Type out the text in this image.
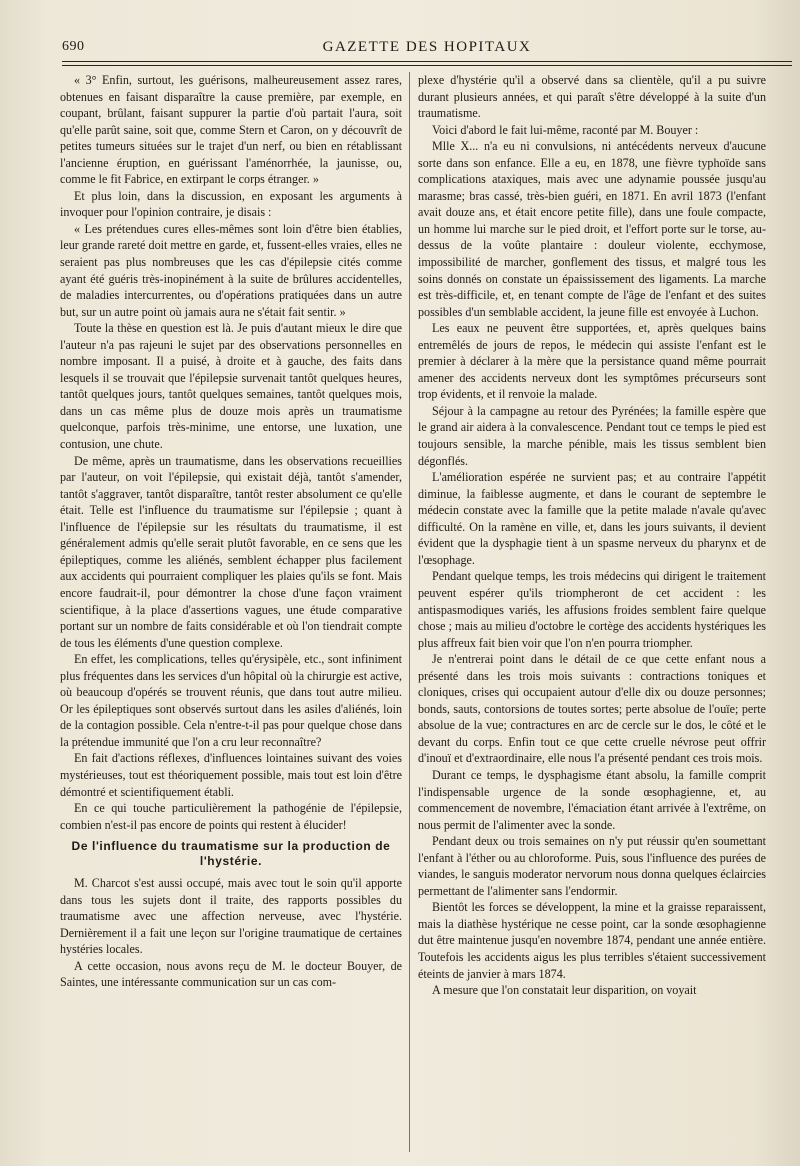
690	GAZETTE DES HOPITAUX

« 3° Enfin, surtout, les guérisons, malheureusement assez rares, obtenues en faisant disparaître la cause première, par exemple, en coupant, brûlant, faisant suppurer la partie d'où partait l'aura, soit qu'elle parût saine, soit que, comme Stern et Caron, on y découvrît de petites tumeurs situées sur le trajet d'un nerf, ou bien en rétablissant l'ancienne éruption, en guérissant l'aménorrhée, la jaunisse, ou, comme le fit Fabrice, en extirpant le corps étranger. »

Et plus loin, dans la discussion, en exposant les arguments à invoquer pour l'opinion contraire, je disais :

« Les prétendues cures elles-mêmes sont loin d'être bien établies, leur grande rareté doit mettre en garde, et, fussent-elles vraies, elles ne seraient pas plus nombreuses que les cas d'épilepsie cités comme ayant été guéris très-inopinément à la suite de brûlures accidentelles, de maladies intercurrentes, ou d'opérations pratiquées dans un autre but, sur un autre point où jamais aura ne s'était fait sentir. »

Toute la thèse en question est là. Je puis d'autant mieux le dire que l'auteur n'a pas rajeuni le sujet par des observations personnelles en nombre imposant. Il a puisé, à droite et à gauche, des faits dans lesquels il se trouvait que l'épilepsie survenait tantôt quelques heures, tantôt quelques jours, tantôt quelques semaines, tantôt quelques mois, dans un cas même plus de douze mois après un traumatisme quelconque, parfois très-minime, une entorse, une luxation, une contusion, une chute.

De même, après un traumatisme, dans les observations recueillies par l'auteur, on voit l'épilepsie, qui existait déjà, tantôt s'amender, tantôt s'aggraver, tantôt disparaître, tantôt rester absolument ce qu'elle était. Telle est l'influence du traumatisme sur l'épilepsie ; quant à l'influence de l'épilepsie sur les résultats du traumatisme, il est généralement admis qu'elle serait plutôt favorable, en ce sens que les épileptiques, comme les aliénés, semblent échapper plus facilement aux accidents qui pourraient compliquer les plaies qu'ils se font. Mais encore faudrait-il, pour démontrer la chose d'une façon vraiment scientifique, à la place d'assertions vagues, une étude comparative portant sur un nombre de faits considérable et où l'on tiendrait compte de tous les éléments d'une question complexe.

En effet, les complications, telles qu'érysipèle, etc., sont infiniment plus fréquentes dans les services d'un hôpital où la chirurgie est active, où beaucoup d'opérés se trouvent réunis, que dans tout autre milieu. Or les épileptiques sont observés surtout dans les asiles d'aliénés, loin de la contagion possible. Cela n'entre-t-il pas pour quelque chose dans la prétendue immunité que l'on a cru leur reconnaître?

En fait d'actions réflexes, d'influences lointaines suivant des voies mystérieuses, tout est théoriquement possible, mais tout est loin d'être démontré et scientifiquement établi.

En ce qui touche particulièrement la pathogénie de l'épilepsie, combien n'est-il pas encore de points qui restent à élucider!

De l'influence du traumatisme sur la production de l'hystérie.

M. Charcot s'est aussi occupé, mais avec tout le soin qu'il apporte dans tous les sujets dont il traite, des rapports possibles du traumatisme avec une affection nerveuse, avec l'hystérie. Dernièrement il a fait une leçon sur l'origine traumatique de certaines hystéries locales.

A cette occasion, nous avons reçu de M. le docteur Bouyer, de Saintes, une intéressante communication sur un cas com-

plexe d'hystérie qu'il a observé dans sa clientèle, qu'il a pu suivre durant plusieurs années, et qui paraît s'être développé à la suite d'un traumatisme.

Voici d'abord le fait lui-même, raconté par M. Bouyer :

Mlle X... n'a eu ni convulsions, ni antécédents nerveux d'aucune sorte dans son enfance. Elle a eu, en 1878, une fièvre typhoïde sans complications ataxiques, mais avec une adynamie poussée jusqu'au marasme; bras cassé, très-bien guéri, en 1871. En avril 1873 (l'enfant avait douze ans, et était encore petite fille), dans une foule compacte, un homme lui marche sur le pied droit, et l'effort porte sur le torse, au-dessus de la voûte plantaire : douleur violente, ecchymose, impossibilité de marcher, gonflement des tissus, et malgré tous les soins donnés on constate un épaississement des ligaments. La marche est très-difficile, et, en tenant compte de l'âge de l'enfant et des suites possibles d'un semblable accident, la jeune fille est envoyée à Luchon.

Les eaux ne peuvent être supportées, et, après quelques bains entremêlés de jours de repos, le médecin qui assiste l'enfant est le premier à déclarer à la mère que la persistance quand même pourrait amener des accidents nerveux dont les symptômes précurseurs sont trop évidents, et il renvoie la malade.

Séjour à la campagne au retour des Pyrénées; la famille espère que le grand air aidera à la convalescence. Pendant tout ce temps le pied est toujours sensible, la marche pénible, mais les tissus semblent bien dégonflés.

L'amélioration espérée ne survient pas; et au contraire l'appétit diminue, la faiblesse augmente, et dans le courant de septembre le médecin constate avec la famille que la petite malade n'avale qu'avec difficulté. On la ramène en ville, et, dans les jours suivants, il devient évident que la dysphagie tient à un spasme nerveux du pharynx et de l'œsophage.

Pendant quelque temps, les trois médecins qui dirigent le traitement peuvent espérer qu'ils triompheront de cet accident : les antispasmodiques variés, les affusions froides semblent faire quelque chose ; mais au milieu d'octobre le cortège des accidents hystériques les plus affreux fait bien voir que l'on n'en pourra triompher.

Je n'entrerai point dans le détail de ce que cette enfant nous a présenté dans les trois mois suivants : contractions toniques et cloniques, crises qui occupaient autour d'elle dix ou douze personnes; bonds, sauts, contorsions de toutes sortes; perte absolue de l'ouïe; perte absolue de la vue; contractures en arc de cercle sur le dos, le côté et le devant du corps. Enfin tout ce que cette cruelle névrose peut offrir d'inouï et d'extraordinaire, elle nous l'a présenté pendant ces trois mois.

Durant ce temps, le dysphagisme étant absolu, la famille comprit l'indispensable urgence de la sonde œsophagienne, et, au commencement de novembre, l'émaciation étant arrivée à l'extrême, on nous permit de l'alimenter avec la sonde.

Pendant deux ou trois semaines on n'y put réussir qu'en soumettant l'enfant à l'éther ou au chloroforme. Puis, sous l'influence des purées de viandes, le sanguis moderator nervorum nous donna quelques éclaircies permettant de l'alimenter sans l'endormir.

Bientôt les forces se développent, la mine et la graisse reparaissent, mais la diathèse hystérique ne cesse point, car la sonde œsophagienne dut être maintenue jusqu'en novembre 1874, pendant une année entière. Toutefois les accidents aigus les plus terribles s'étaient successivement éteints de janvier à mars 1874.

A mesure que l'on constatait leur disparition, on voyait
